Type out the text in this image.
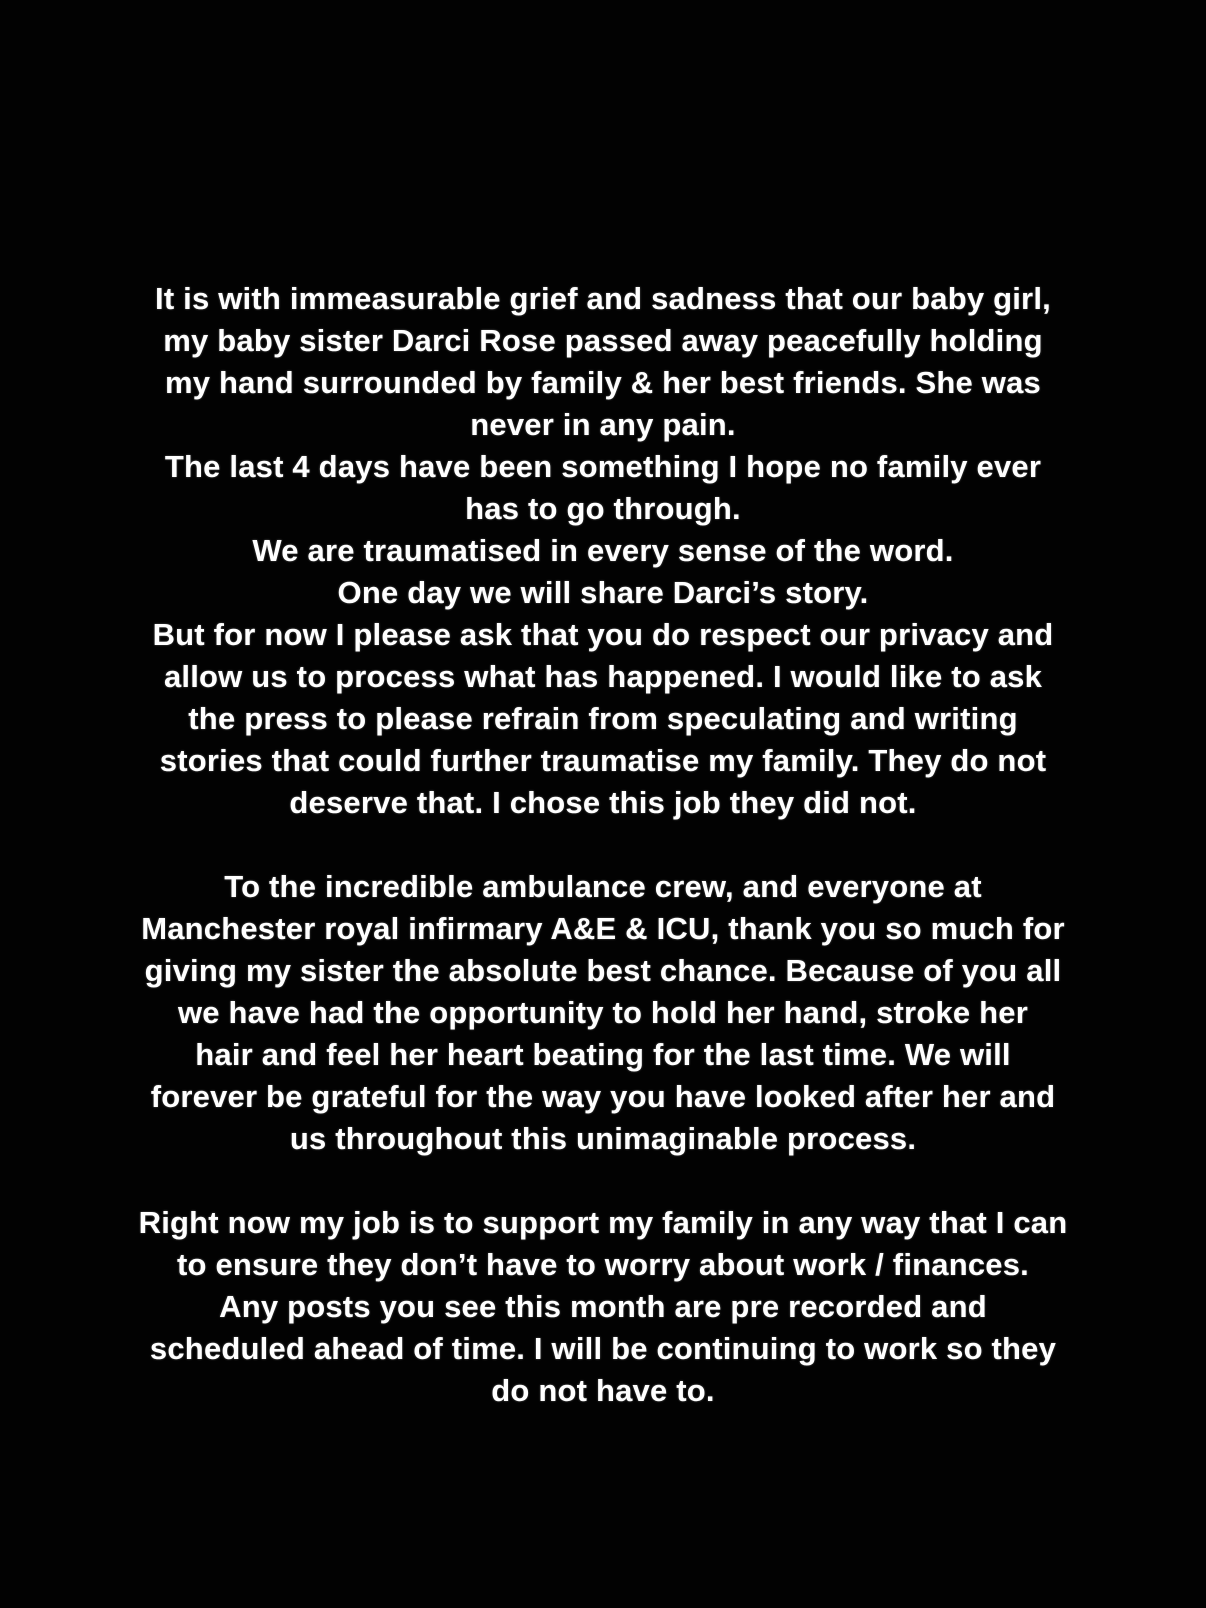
It is with immeasurable grief and sadness that our baby girl,
my baby sister Darci Rose passed away peacefully holding
my hand surrounded by family & her best friends. She was
never in any pain.
The last 4 days have been something I hope no family ever
has to go through.
We are traumatised in every sense of the word.
One day we will share Darci’s story.
But for now I please ask that you do respect our privacy and
allow us to process what has happened. I would like to ask
the press to please refrain from speculating and writing
stories that could further traumatise my family. They do not
deserve that. I chose this job they did not.
To the incredible ambulance crew, and everyone at
Manchester royal infirmary A&E & ICU, thank you so much for
giving my sister the absolute best chance. Because of you all
we have had the opportunity to hold her hand, stroke her
hair and feel her heart beating for the last time. We will
forever be grateful for the way you have looked after her and
us throughout this unimaginable process.
Right now my job is to support my family in any way that I can
to ensure they don’t have to worry about work / finances.
Any posts you see this month are pre recorded and
scheduled ahead of time. I will be continuing to work so they
do not have to.
